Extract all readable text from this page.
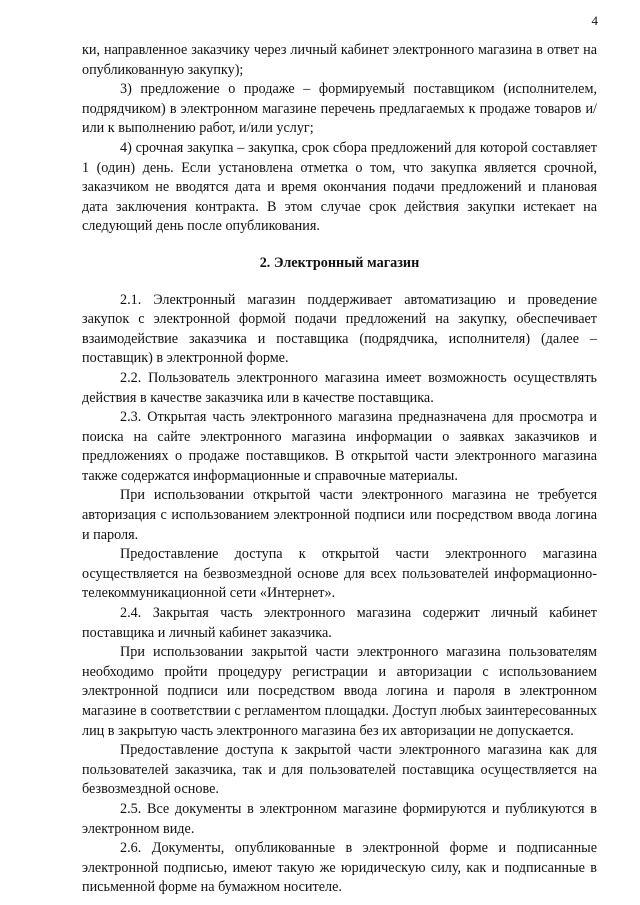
4

ки, направленное заказчику через личный кабинет электронного магазина в ответ на опубликованную закупку);

3) предложение о продаже – формируемый поставщиком (исполнителем, подрядчиком) в электронном магазине перечень предлагаемых к продаже товаров и/или к выполнению работ, и/или услуг;

4) срочная закупка – закупка, срок сбора предложений для которой составляет 1 (один) день. Если установлена отметка о том, что закупка является срочной, заказчиком не вводятся дата и время окончания подачи предложений и плановая дата заключения контракта. В этом случае срок действия закупки истекает на следующий день после опубликования.

2. Электронный магазин

2.1. Электронный магазин поддерживает автоматизацию и проведение закупок с электронной формой подачи предложений на закупку, обеспечивает взаимодействие заказчика и поставщика (подрядчика, исполнителя) (далее – поставщик) в электронной форме.

2.2. Пользователь электронного магазина имеет возможность осуществлять действия в качестве заказчика или в качестве поставщика.

2.3. Открытая часть электронного магазина предназначена для просмотра и поиска на сайте электронного магазина информации о заявках заказчиков и предложениях о продаже поставщиков. В открытой части электронного магазина также содержатся информационные и справочные материалы.

При использовании открытой части электронного магазина не требуется авторизация с использованием электронной подписи или посредством ввода логина и пароля.

Предоставление доступа к открытой части электронного магазина осуществляется на безвозмездной основе для всех пользователей информационно-телекоммуникационной сети «Интернет».

2.4. Закрытая часть электронного магазина содержит личный кабинет поставщика и личный кабинет заказчика.

При использовании закрытой части электронного магазина пользователям необходимо пройти процедуру регистрации и авторизации с использованием электронной подписи или посредством ввода логина и пароля в электронном магазине в соответствии с регламентом площадки. Доступ любых заинтересованных лиц в закрытую часть электронного магазина без их авторизации не допускается.

Предоставление доступа к закрытой части электронного магазина как для пользователей заказчика, так и для пользователей поставщика осуществляется на безвозмездной основе.

2.5. Все документы в электронном магазине формируются и публикуются в электронном виде.

2.6. Документы, опубликованные в электронной форме и подписанные электронной подписью, имеют такую же юридическую силу, как и подписанные в письменной форме на бумажном носителе.
